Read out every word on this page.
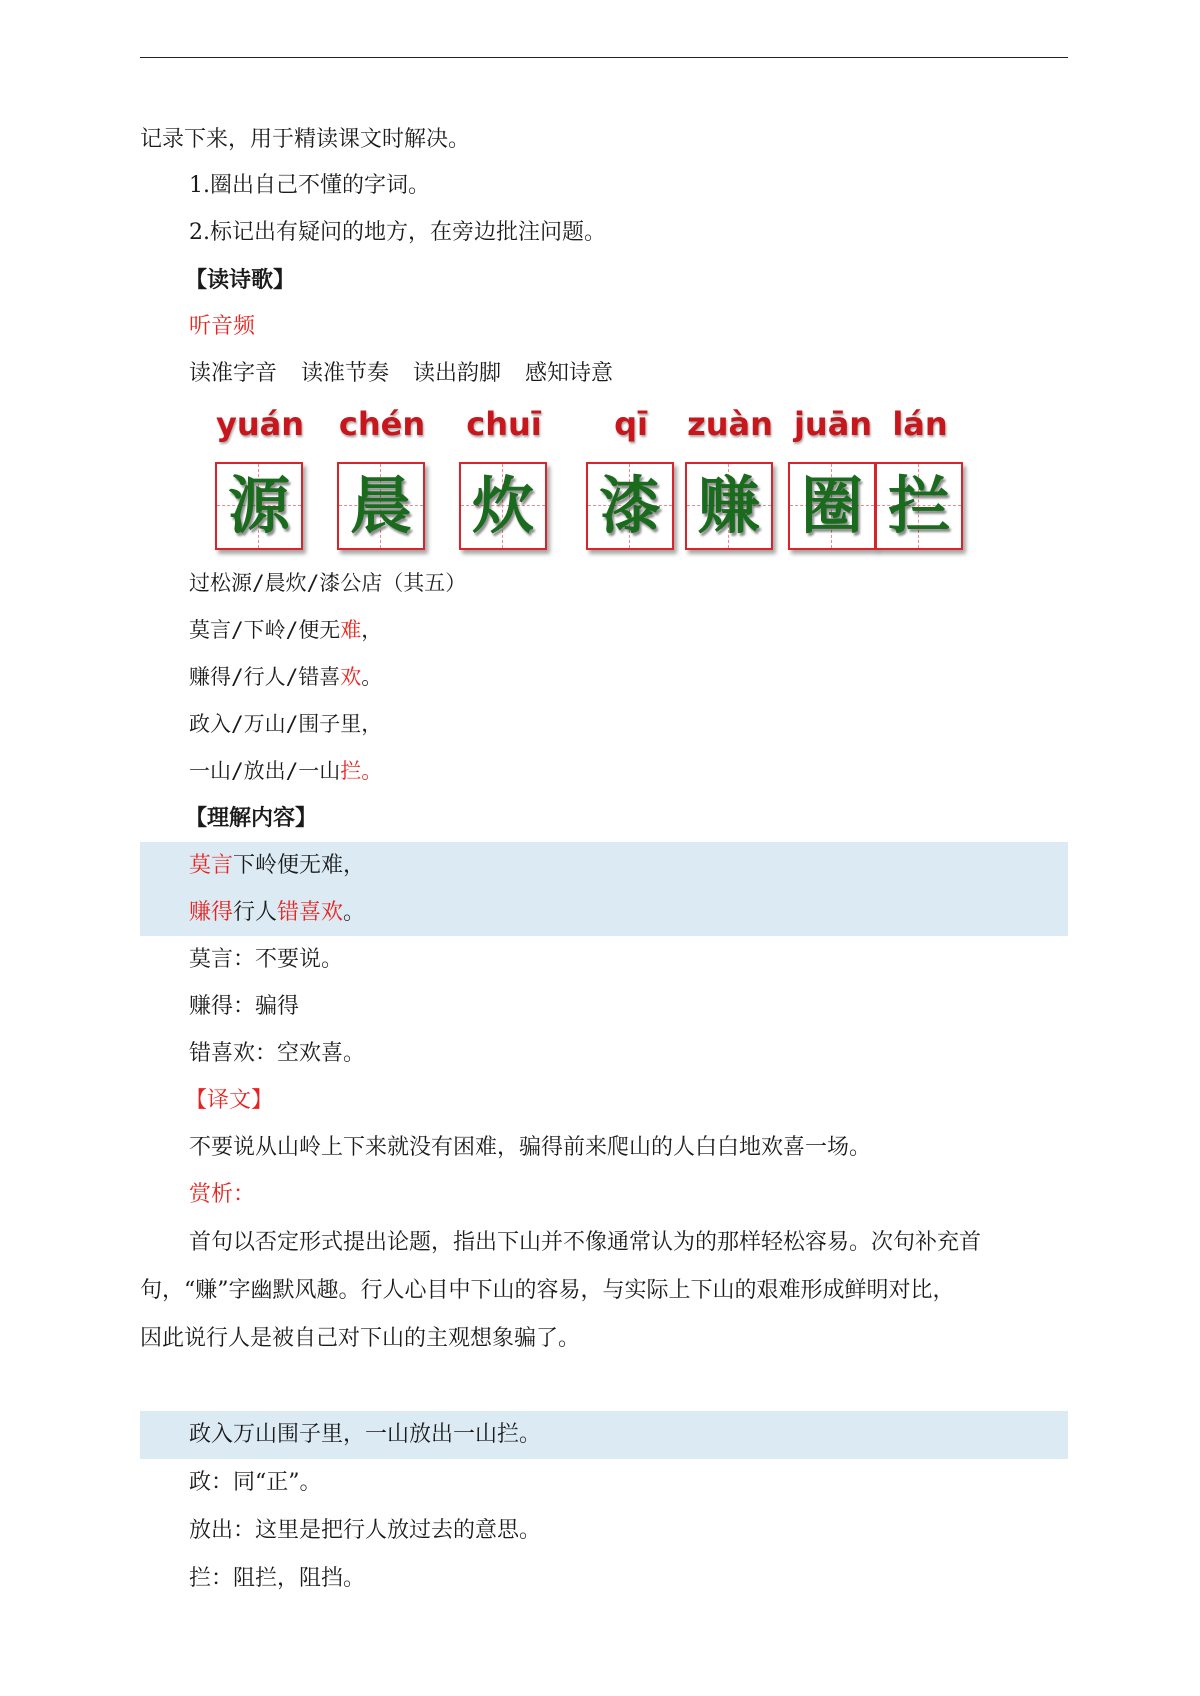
记录下来，用于精读课文时解决。
1.圈出自己不懂的字词。
2.标记出有疑问的地方，在旁边批注问题。
【读诗歌】
听音频
读准字音 读准节奏 读出韵脚 感知诗意
yuán
源
chén
晨
chuī
炊
qī
漆
zuàn
赚
juān
圈
lán
拦
过松源/晨炊/漆公店（其五）
莫言/下岭/便无难，
赚得/行人/错喜欢。
政入/万山/围子里，
一山/放出/一山拦。
【理解内容】
莫言下岭便无难，
赚得行人错喜欢。
莫言：不要说。
赚得：骗得
错喜欢：空欢喜。
【译文】
不要说从山岭上下来就没有困难，骗得前来爬山的人白白地欢喜一场。
赏析：
首句以否定形式提出论题，指出下山并不像通常认为的那样轻松容易。次句补充首
句，“赚”字幽默风趣。行人心目中下山的容易，与实际上下山的艰难形成鲜明对比，
因此说行人是被自己对下山的主观想象骗了。
政入万山围子里，一山放出一山拦。
政：同“正”。
放出：这里是把行人放过去的意思。
拦：阻拦，阻挡。
